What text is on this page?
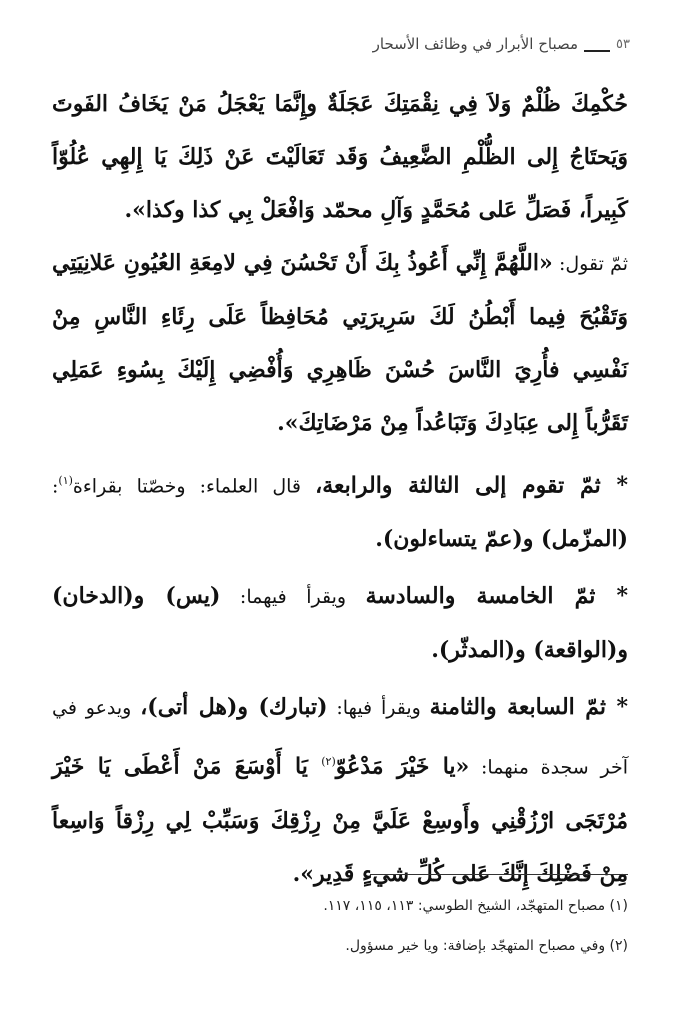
٥٣
مصباح الأبرار في وظائف الأسحار

حُكْمِكَ ظُلْمٌ وَلاَ فِي نِقْمَتِكَ عَجَلَةٌ وإِنَّمَا يَعْجَلُ مَنْ يَخَافُ الفَوتَ وَيَحتَاجُ إِلى الظُّلْمِ الضَّعِيفُ وَقَد تَعَالَيْتَ عَنْ ذَلِكَ يَا إِلهِي عُلُوّاً كَبِيراً، فَصَلِّ عَلى مُحَمَّدٍ وَآلِ محمّد وَافْعَلْ بِي كذا وكذا».

ثمّ تقول: «اللَّهُمَّ إِنِّي أَعُوذُ بِكَ أَنْ تَحْسُنَ فِي لامِعَةِ العُيُونِ عَلانِيَتِي وَتَقْبُحَ فِيما أَبْطُنُ لَكَ سَرِيرَتِي مُحَافِظاً عَلَى رِئَاءِ النَّاسِ مِنْ نَفْسِي فأُرِيَ النَّاسَ حُسْنَ ظَاهِرِي وَأُفْضِي إِلَيْكَ بِسُوءِ عَمَلِي تَقَرُّباً إِلى عِبَادِكَ وَتَبَاعُداً مِنْ مَرْضَاتِكَ».

* ثمّ تقوم إلى الثالثة والرابعة، قال العلماء: وخصّتا بقراءة$^{(١)}$: (المزّمل) و(عمّ يتساءلون).

* ثمّ الخامسة والسادسة ويقرأ فيهما: (يس) و(الدخان) و(الواقعة) و(المدثّر).

* ثمّ السابعة والثامنة ويقرأ فيها: (تبارك) و(هل أتى)، ويدعو في آخر سجدة منهما: «يا خَيْرَ مَدْعُوّ$^{(٢)}$ يَا أَوْسَعَ مَنْ أَعْطَى يَا خَيْرَ مُرْتَجَى ارْزُقْنِي وأَوسِعْ عَلَيَّ مِنْ رِزْقِكَ وَسَبِّبْ لِي رِزْقاً وَاسِعاً مِنْ فَضْلِكَ إِنَّكَ عَلى كُلِّ شيءٍ قَدِير».

(١) مصباح المتهجّد، الشيخ الطوسي: ١١٣، ١١٥، ١١٧.

(٢) وفي مصباح المتهجّد بإضافة: ويا خير مسؤول.
